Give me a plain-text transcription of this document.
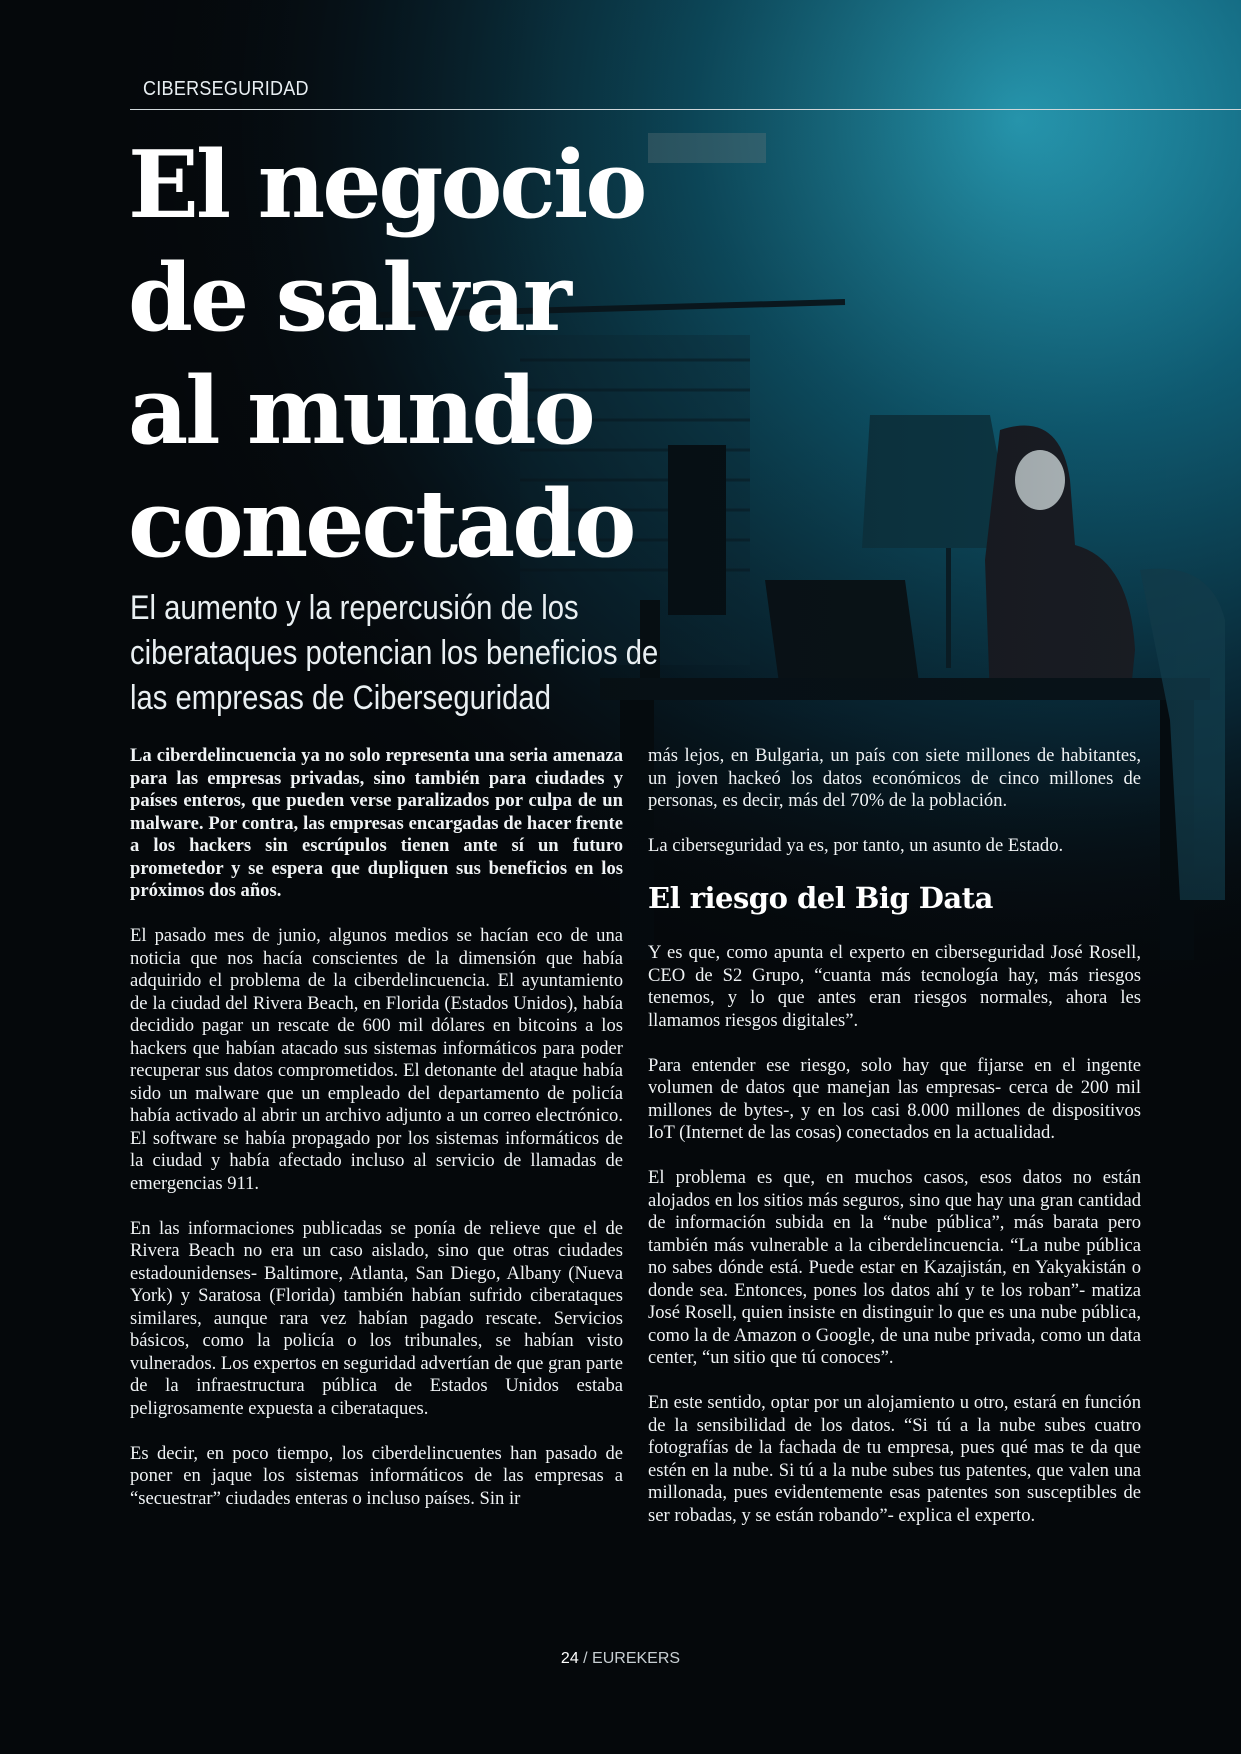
CIBERSEGURIDAD
El negocio
de salvar
al mundo
conectado

El aumento y la repercusión de los ciberataques potencian los beneficios de las empresas de Ciberseguridad

La ciberdelincuencia ya no solo representa una seria amenaza para las empresas privadas, sino también para ciudades y países enteros, que pueden verse paralizados por culpa de un malware. Por contra, las empresas encargadas de hacer frente a los hackers sin escrúpulos tienen ante sí un futuro prometedor y se espera que dupliquen sus beneficios en los próximos dos años.

El pasado mes de junio, algunos medios se hacían eco de una noticia que nos hacía conscientes de la dimensión que había adquirido el problema de la ciberdelincuencia. El ayuntamiento de la ciudad del Rivera Beach, en Florida (Estados Unidos), había decidido pagar un rescate de 600 mil dólares en bitcoins a los hackers que habían atacado sus sistemas informáticos para poder recuperar sus datos comprometidos. El detonante del ataque había sido un malware que un empleado del departamento de policía había activado al abrir un archivo adjunto a un correo electrónico. El software se había propagado por los sistemas informáticos de la ciudad y había afectado incluso al servicio de llamadas de emergencias 911.

En las informaciones publicadas se ponía de relieve que el de Rivera Beach no era un caso aislado, sino que otras ciudades estadounidenses- Baltimore, Atlanta, San Diego, Albany (Nueva York) y Saratosa (Florida) también habían sufrido ciberataques similares, aunque rara vez habían pagado rescate. Servicios básicos, como la policía o los tribunales, se habían visto vulnerados. Los expertos en seguridad advertían de que gran parte de la infraestructura pública de Estados Unidos estaba peligrosamente expuesta a ciberataques.

Es decir, en poco tiempo, los ciberdelincuentes han pasado de poner en jaque los sistemas informáticos de las empresas a “secuestrar” ciudades enteras o incluso países. Sin ir

más lejos, en Bulgaria, un país con siete millones de habitantes, un joven hackeó los datos económicos de cinco millones de personas, es decir, más del 70% de la población.

La ciberseguridad ya es, por tanto, un asunto de Estado.

El riesgo del Big Data

Y es que, como apunta el experto en ciberseguridad José Rosell, CEO de S2 Grupo, “cuanta más tecnología hay, más riesgos tenemos, y lo que antes eran riesgos normales, ahora les llamamos riesgos digitales”.

Para entender ese riesgo, solo hay que fijarse en el ingente volumen de datos que manejan las empresas- cerca de 200 mil millones de bytes-, y en los casi 8.000 millones de dispositivos IoT (Internet de las cosas) conectados en la actualidad.

El problema es que, en muchos casos, esos datos no están alojados en los sitios más seguros, sino que hay una gran cantidad de información subida en la “nube pública”, más barata pero también más vulnerable a la ciberdelincuencia. “La nube pública no sabes dónde está. Puede estar en Kazajistán, en Yakyakistán o donde sea. Entonces, pones los datos ahí y te los roban”- matiza José Rosell, quien insiste en distinguir lo que es una nube pública, como la de Amazon o Google, de una nube privada, como un data center, “un sitio que tú conoces”.

En este sentido, optar por un alojamiento u otro, estará en función de la sensibilidad de los datos. “Si tú a la nube subes cuatro fotografías de la fachada de tu empresa, pues qué mas te da que estén en la nube. Si tú a la nube subes tus patentes, que valen una millonada, pues evidentemente esas patentes son susceptibles de ser robadas, y se están robando”- explica el experto.

24 / EUREKERS
